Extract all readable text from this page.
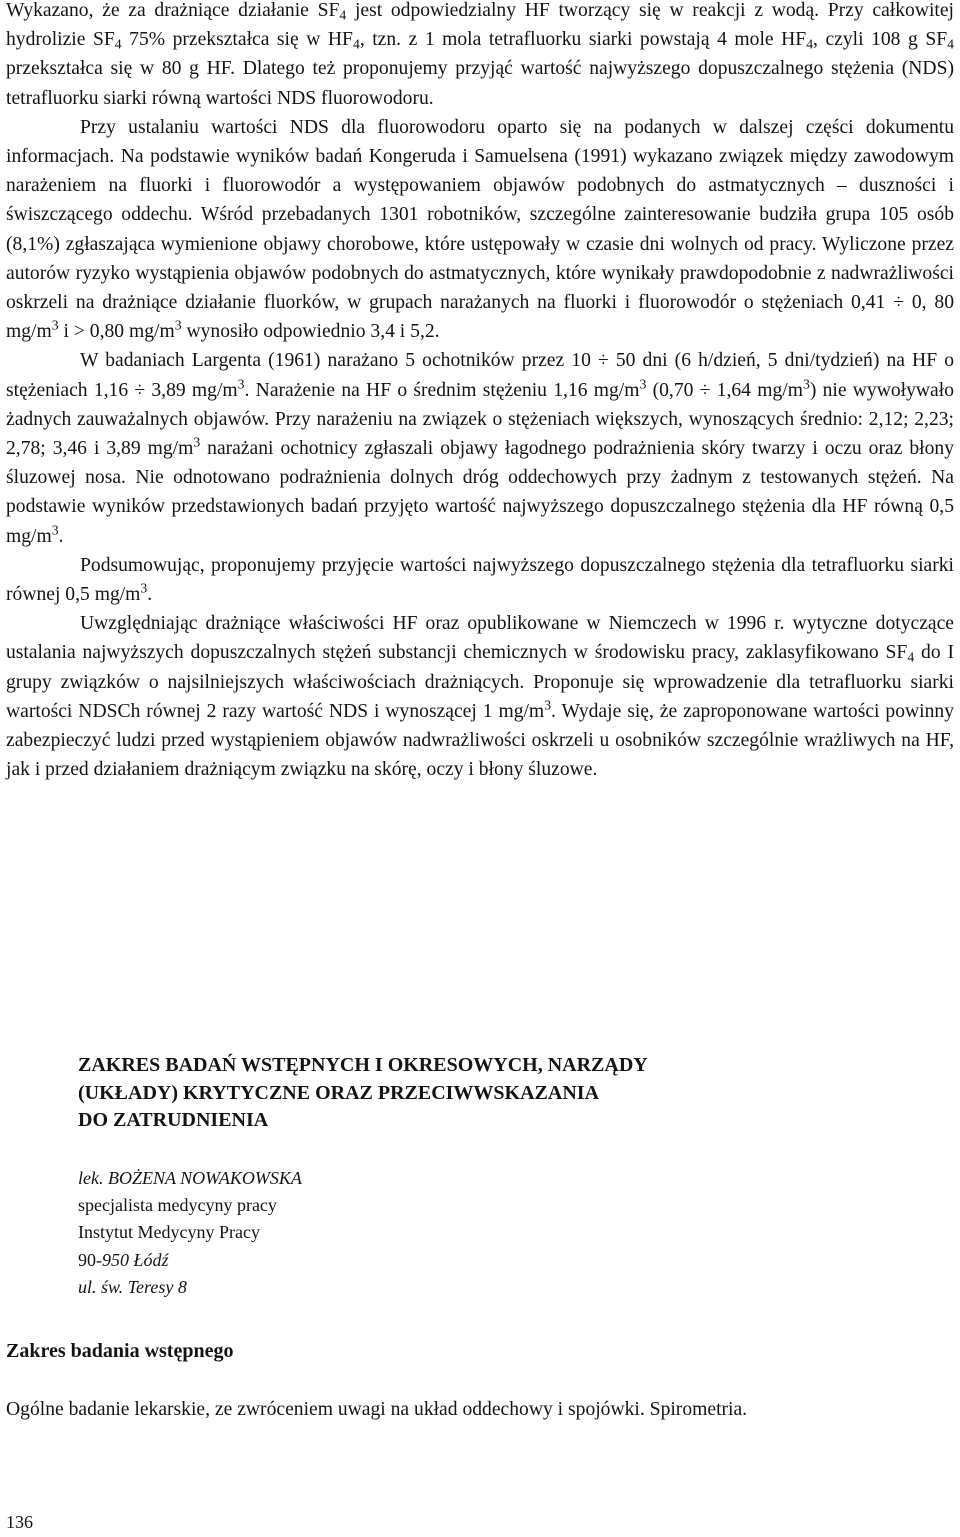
Wykazano, że za drażniące działanie $SF_4$ jest odpowiedzialny HF tworzący się w reakcji z wodą. Przy całkowitej hydrolizie $SF_4$ 75% przekształca się w $HF_4$, tzn. z 1 mola tetrafluorku siarki powstają 4 mole $HF_4$, czyli 108 g $SF_4$ przekształca się w 80 g HF. Dlatego też proponujemy przyjąć wartość najwyższego dopuszczalnego stężenia (NDS) tetrafluorku siarki równą wartości NDS fluorowodoru.

Przy ustalaniu wartości NDS dla fluorowodoru oparto się na podanych w dalszej części dokumentu informacjach. Na podstawie wyników badań Kongeruda i Samuelsena (1991) wykazano związek między zawodowym narażeniem na fluorki i fluorowodór a występowaniem objawów podobnych do astmatycznych – duszności i świszczącego oddechu. Wśród przebadanych 1301 robotników, szczególne zainteresowanie budziła grupa 105 osób (8,1%) zgłaszająca wymienione objawy chorobowe, które ustępowały w czasie dni wolnych od pracy. Wyliczone przez autorów ryzyko wystąpienia objawów podobnych do astmatycznych, które wynikały prawdopodobnie z nadwrażliwości oskrzeli na drażniące działanie fluorków, w grupach narażanych na fluorki i fluorowodór o stężeniach 0,41 ÷ 0, 80 $mg/m^3$ i > 0,80 $mg/m^3$ wynosiło odpowiednio 3,4 i 5,2.

W badaniach Largenta (1961) narażano 5 ochotników przez 10 ÷ 50 dni (6 h/dzień, 5 dni/tydzień) na HF o stężeniach 1,16 ÷ 3,89 $mg/m^3$. Narażenie na HF o średnim stężeniu 1,16 $mg/m^3$ (0,70 ÷ 1,64 $mg/m^3$) nie wywoływało żadnych zauważalnych objawów. Przy narażeniu na związek o stężeniach większych, wynoszących średnio: 2,12; 2,23; 2,78; 3,46 i 3,89 $mg/m^3$ narażani ochotnicy zgłaszali objawy łagodnego podrażnienia skóry twarzy i oczu oraz błony śluzowej nosa. Nie odnotowano podrażnienia dolnych dróg oddechowych przy żadnym z testowanych stężeń. Na podstawie wyników przedstawionych badań przyjęto wartość najwyższego dopuszczalnego stężenia dla HF równą 0,5 $mg/m^3$.

Podsumowując, proponujemy przyjęcie wartości najwyższego dopuszczalnego stężenia dla tetrafluorku siarki równej 0,5 $mg/m^3$.

Uwzględniając drażniące właściwości HF oraz opublikowane w Niemczech w 1996 r. wytyczne dotyczące ustalania najwyższych dopuszczalnych stężeń substancji chemicznych w środowisku pracy, zaklasyfikowano $SF_4$ do I grupy związków o najsilniejszych właściwościach drażniących. Proponuje się wprowadzenie dla tetrafluorku siarki wartości NDSCh równej 2 razy wartość NDS i wynoszącej 1 $mg/m^3$. Wydaje się, że zaproponowane wartości powinny zabezpieczyć ludzi przed wystąpieniem objawów nadwrażliwości oskrzeli u osobników szczególnie wrażliwych na HF, jak i przed działaniem drażniącym związku na skórę, oczy i błony śluzowe.

ZAKRES BADAŃ WSTĘPNYCH I OKRESOWYCH, NARZĄDY
(UKŁADY) KRYTYCZNE ORAZ PRZECIWWSKAZANIA
DO ZATRUDNIENIA
lek. BOŻENA NOWAKOWSKA
specjalista medycyny pracy
Instytut Medycyny Pracy
90-950 Łódź
ul. św. Teresy 8
Zakres badania wstępnego
Ogólne badanie lekarskie, ze zwróceniem uwagi na układ oddechowy i spojówki. Spirometria.
136
